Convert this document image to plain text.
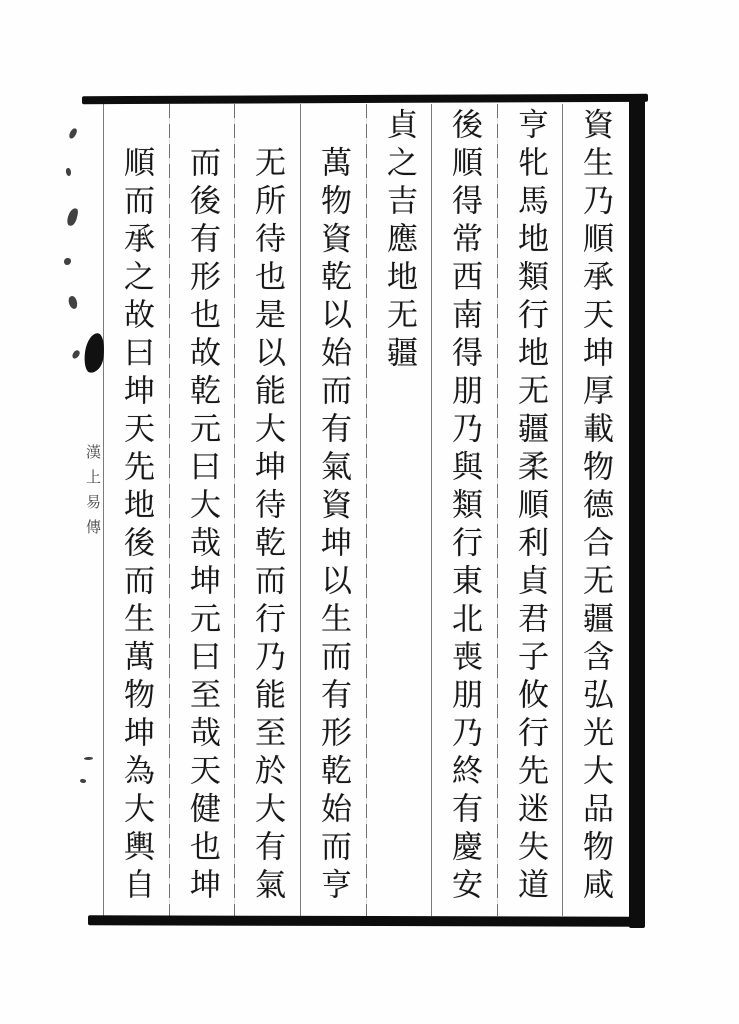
資生乃順承天坤厚載物德合无疆含弘光大品物咸
亨牝馬地類行地无疆柔順利貞君子攸行先迷失道
後順得常西南得朋乃與類行東北喪朋乃終有慶安
貞之吉應地无疆
萬物資乾以始而有氣資坤以生而有形乾始而亨
无所待也是以能大坤待乾而行乃能至於大有氣
而後有形也故乾元曰大哉坤元曰至哉天健也坤
順而承之故曰坤天先地後而生萬物坤為大輿自
漢上易傳
